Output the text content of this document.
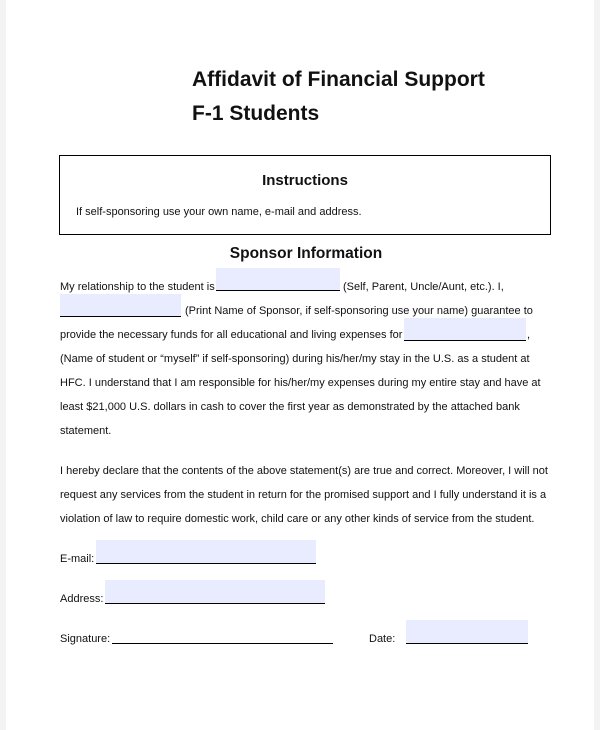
Affidavit of Financial Support
F-1 Students
Instructions
If self-sponsoring use your own name, e-mail and address.
Sponsor Information
My relationship to the student is	(Self, Parent, Uncle/Aunt, etc.). I,
(Print Name of Sponsor, if self-sponsoring use your name) guarantee to
provide the necessary funds for all educational and living expenses for	,
(Name of student or “myself” if self-sponsoring) during his/her/my stay in the U.S. as a student at
HFC. I understand that I am responsible for his/her/my expenses during my entire stay and have at
least $21,000 U.S. dollars in cash to cover the first year as demonstrated by the attached bank
statement.
I hereby declare that the contents of the above statement(s) are true and correct. Moreover, I will not
request any services from the student in return for the promised support and I fully understand it is a
violation of law to require domestic work, child care or any other kinds of service from the student.
E-mail:
Address:
Signature:	Date:
